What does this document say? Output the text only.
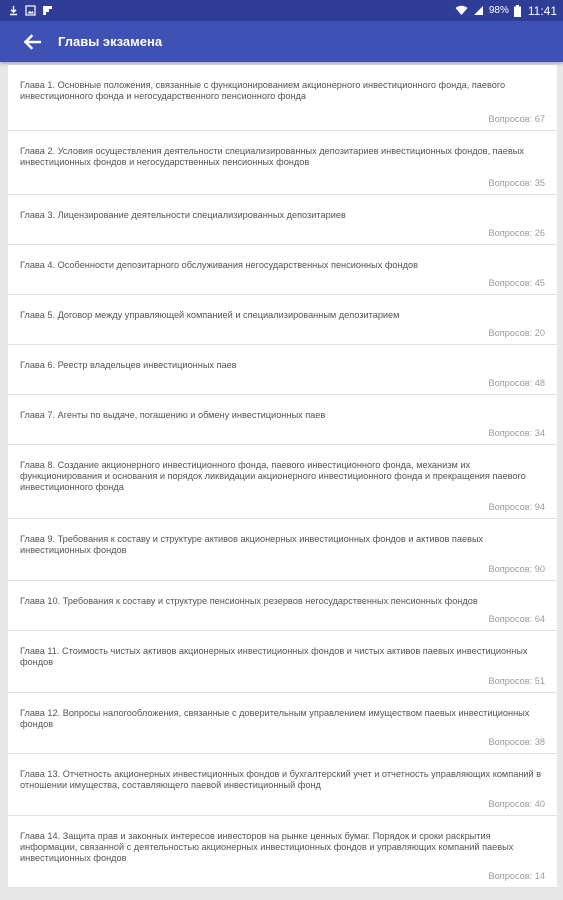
98% 11:41
Главы экзамена

Глава 1. Основные положения, связанные с функционированием акционерного инвестиционного фонда, паевого инвестиционного фонда и негосударственного пенсионного фонда

Вопросов: 67

Глава 2. Условия осуществления деятельности специализированных депозитариев инвестиционных фондов, паевых инвестиционных фондов и негосударственных пенсионных фондов

Вопросов: 35

Глава 3. Лицензирование деятельности специализированных депозитариев

Вопросов: 26

Глава 4. Особенности депозитарного обслуживания негосударственных пенсионных фондов

Вопросов: 45

Глава 5. Договор между управляющей компанией и специализированным депозитарием

Вопросов: 20

Глава 6. Реестр владельцев инвестиционных паев

Вопросов: 48

Глава 7. Агенты по выдаче, погашению и обмену инвестиционных паев

Вопросов: 34

Глава 8. Создание акционерного инвестиционного фонда, паевого инвестиционного фонда, механизм их функционирования и основания и порядок ликвидации акционерного инвестиционного фонда и прекращения паевого инвестиционного фонда

Вопросов: 94

Глава 9. Требования к составу и структуре активов акционерных инвестиционных фондов и активов паевых инвестиционных фондов

Вопросов: 90

Глава 10. Требования к составу и структуре пенсионных резервов негосударственных пенсионных фондов

Вопросов: 64

Глава 11. Стоимость чистых активов акционерных инвестиционных фондов и чистых активов паевых инвестиционных фондов

Вопросов: 51

Глава 12. Вопросы налогообложения, связанные с доверительным управлением имуществом паевых инвестиционных фондов

Вопросов: 38

Глава 13. Отчетность акционерных инвестиционных фондов и бухгалтерский учет и отчетность управляющих компаний в отношении имущества, составляющего паевой инвестиционный фонд

Вопросов: 40

Глава 14. Защита прав и законных интересов инвесторов на рынке ценных бумаг. Порядок и сроки раскрытия информации, связанной с деятельностью акционерных инвестиционных фондов и управляющих компаний паевых инвестиционных фондов

Вопросов: 14
